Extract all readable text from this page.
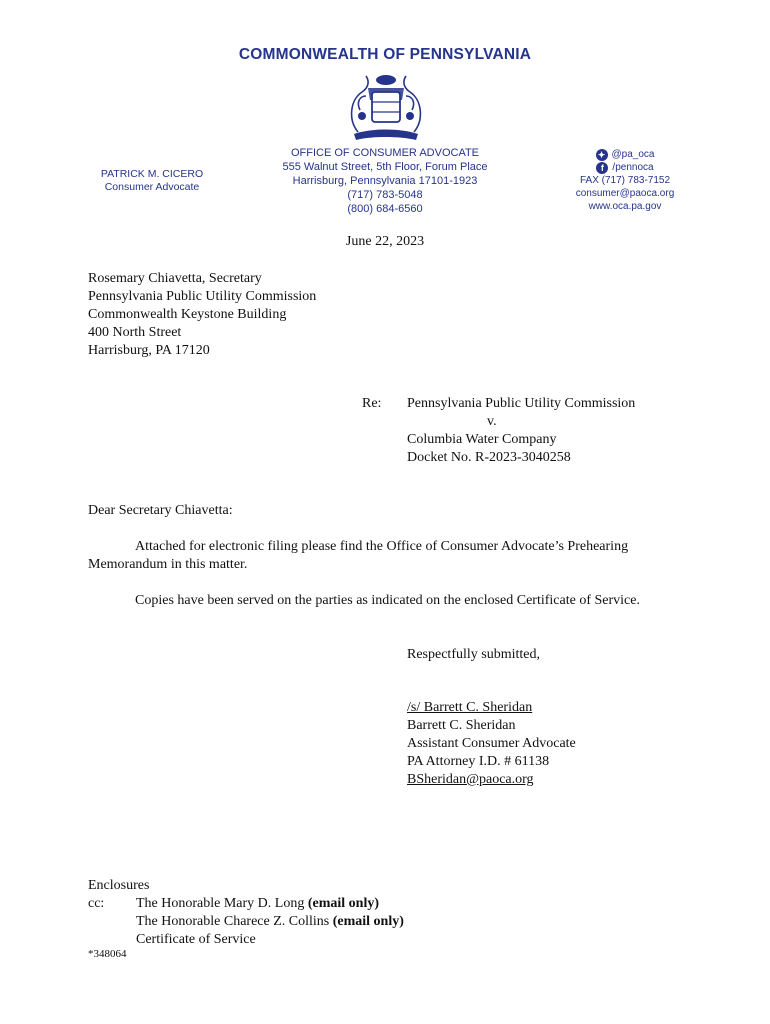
COMMONWEALTH OF PENNSYLVANIA
PATRICK M. CICERO
Consumer Advocate
OFFICE OF CONSUMER ADVOCATE
555 Walnut Street, 5th Floor, Forum Place
Harrisburg, Pennsylvania 17101-1923
(717) 783-5048
(800) 684-6560
✦ @pa_oca
f /pennoca
FAX (717) 783-7152
consumer@paoca.org
www.oca.pa.gov
June 22, 2023
Rosemary Chiavetta, Secretary
Pennsylvania Public Utility Commission
Commonwealth Keystone Building
400 North Street
Harrisburg, PA 17120
Re: Pennsylvania Public Utility Commission
v.
Columbia Water Company
Docket No. R-2023-3040258
Dear Secretary Chiavetta:
Attached for electronic filing please find the Office of Consumer Advocate’s Prehearing
Memorandum in this matter.
Copies have been served on the parties as indicated on the enclosed Certificate of Service.
Respectfully submitted,
/s/ Barrett C. Sheridan
Barrett C. Sheridan
Assistant Consumer Advocate
PA Attorney I.D. # 61138
BSheridan@paoca.org
Enclosures
cc:	The Honorable Mary D. Long (email only)
The Honorable Charece Z. Collins (email only)
Certificate of Service
*348064
